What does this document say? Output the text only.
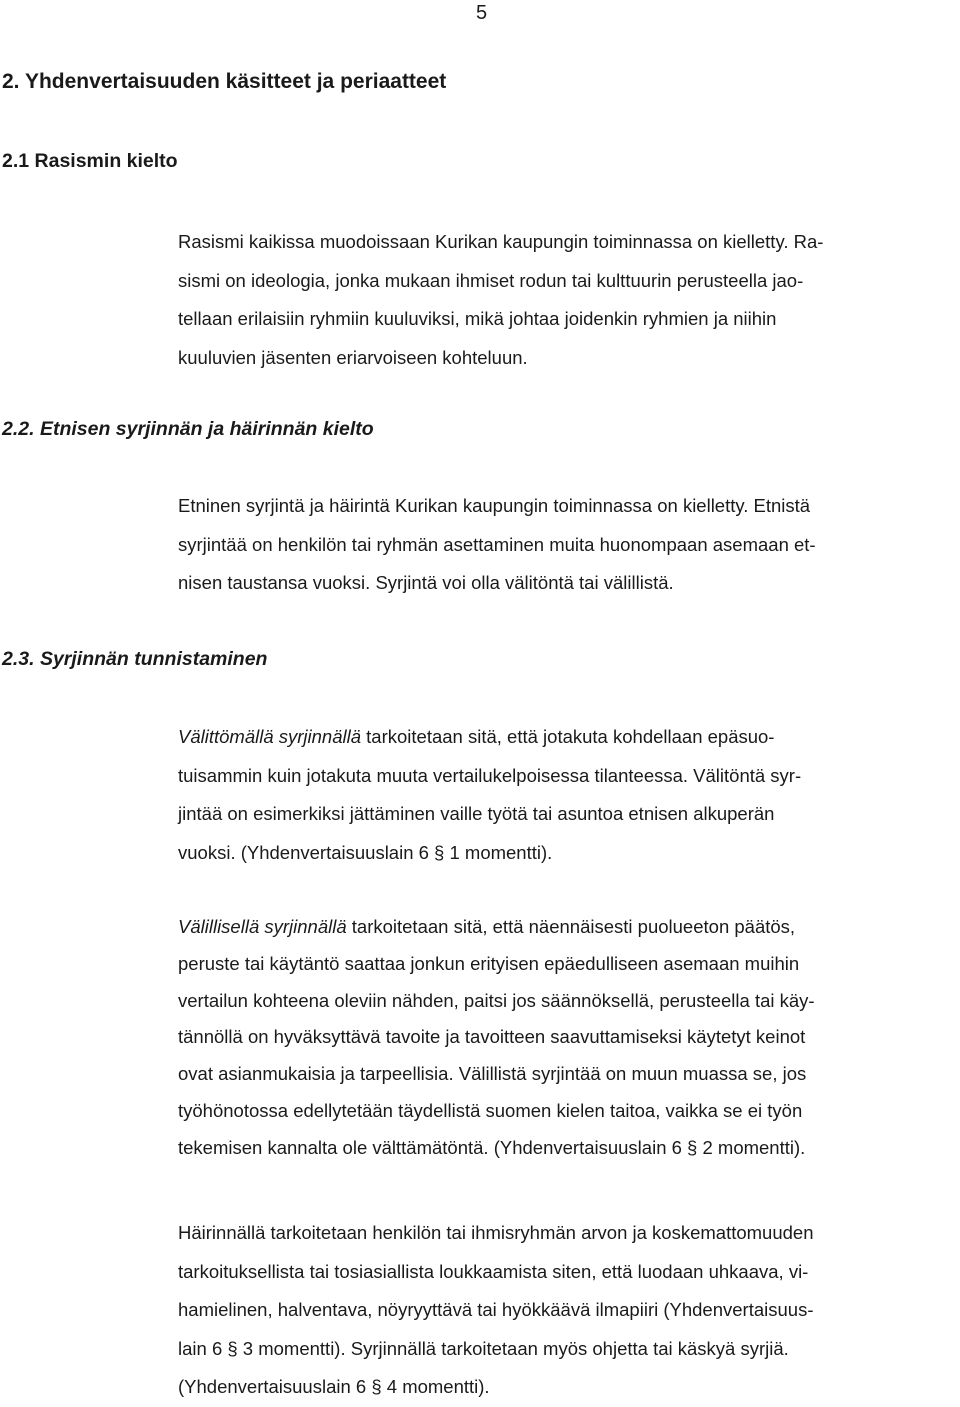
5
2. Yhdenvertaisuuden käsitteet ja periaatteet
2.1 Rasismin kielto
Rasismi kaikissa muodoissaan Kurikan kaupungin toiminnassa on kielletty. Ra-
sismi on ideologia, jonka mukaan ihmiset rodun tai kulttuurin perusteella jao-
tellaan erilaisiin ryhmiin kuuluviksi, mikä johtaa joidenkin ryhmien ja niihin
kuuluvien jäsenten eriarvoiseen kohteluun.
2.2. Etnisen syrjinnän ja häirinnän kielto
Etninen syrjintä ja häirintä Kurikan kaupungin toiminnassa on kielletty. Etnistä
syrjintää on henkilön tai ryhmän asettaminen muita huonompaan asemaan et-
nisen taustansa vuoksi. Syrjintä voi olla välitöntä tai välillistä.
2.3. Syrjinnän tunnistaminen
Välittömällä syrjinnällä tarkoitetaan sitä, että jotakuta kohdellaan epäsuo-
tuisammin kuin jotakuta muuta vertailukelpoisessa tilanteessa. Välitöntä syr-
jintää on esimerkiksi jättäminen vaille työtä tai asuntoa etnisen alkuperän
vuoksi. (Yhdenvertaisuuslain 6 § 1 momentti).
Välillisellä syrjinnällä tarkoitetaan sitä, että näennäisesti puolueeton päätös,
peruste tai käytäntö saattaa jonkun erityisen epäedulliseen asemaan muihin
vertailun kohteena oleviin nähden, paitsi jos säännöksellä, perusteella tai käy-
tännöllä on hyväksyttävä tavoite ja tavoitteen saavuttamiseksi käytetyt keinot
ovat asianmukaisia ja tarpeellisia. Välillistä syrjintää on muun muassa se, jos
työhönotossa edellytetään täydellistä suomen kielen taitoa, vaikka se ei työn
tekemisen kannalta ole välttämätöntä. (Yhdenvertaisuuslain 6 § 2 momentti).
Häirinnällä tarkoitetaan henkilön tai ihmisryhmän arvon ja koskemattomuuden
tarkoituksellista tai tosiasiallista loukkaamista siten, että luodaan uhkaava, vi-
hamielinen, halventava, nöyryyttävä tai hyökkäävä ilmapiiri (Yhdenvertaisuus-
lain 6 § 3 momentti). Syrjinnällä tarkoitetaan myös ohjetta tai käskyä syrjiä.
(Yhdenvertaisuuslain 6 § 4 momentti).
